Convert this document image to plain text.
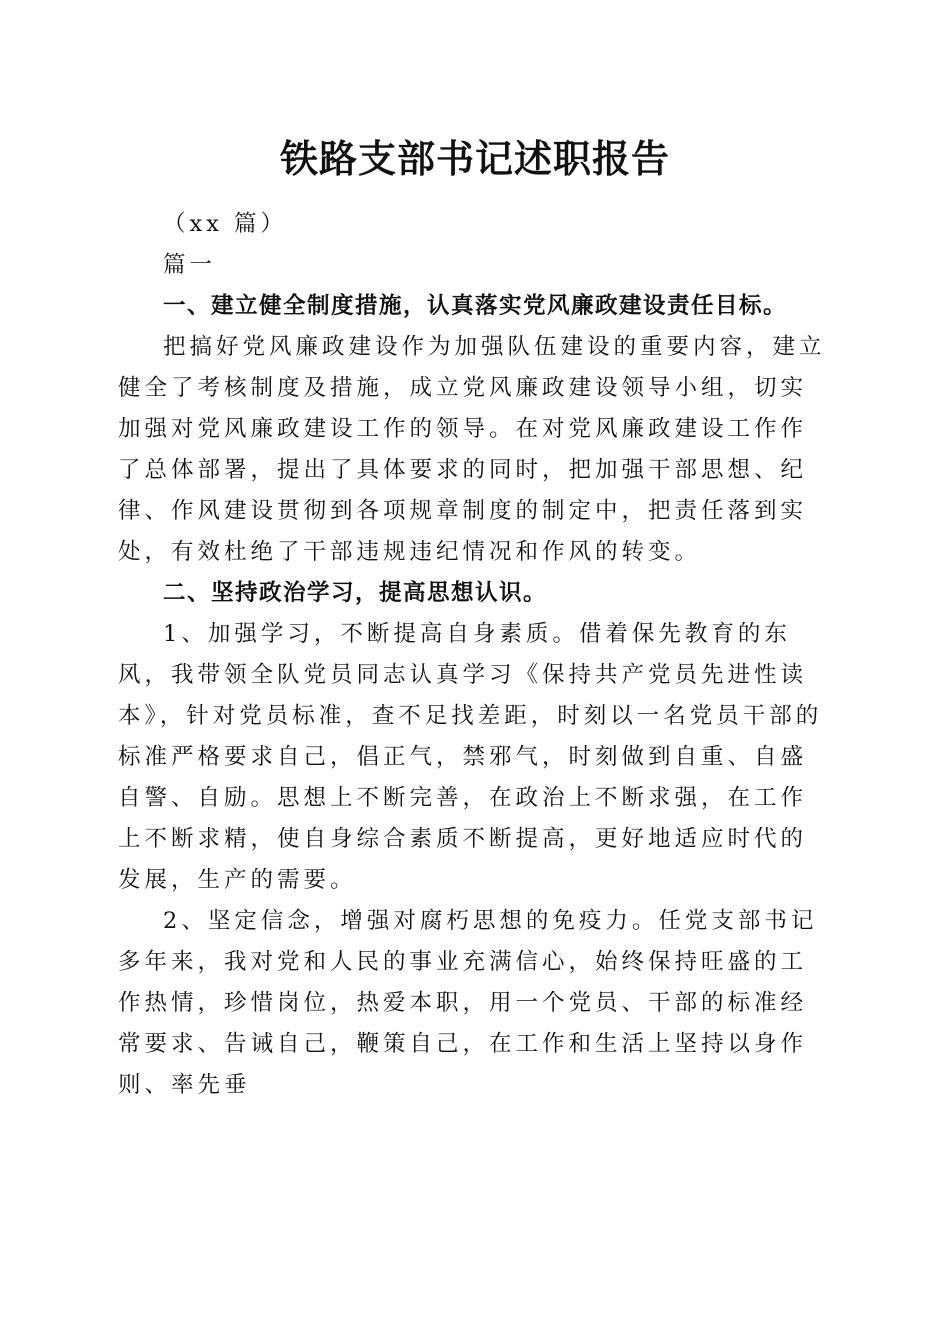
铁路支部书记述职报告

（xx 篇）

篇一

一、建立健全制度措施，认真落实党风廉政建设责任目标。

把搞好党风廉政建设作为加强队伍建设的重要内容，建立健全了考核制度及措施，成立党风廉政建设领导小组，切实加强对党风廉政建设工作的领导。在对党风廉政建设工作作了总体部署，提出了具体要求的同时，把加强干部思想、纪律、作风建设贯彻到各项规章制度的制定中，把责任落到实处，有效杜绝了干部违规违纪情况和作风的转变。

二、坚持政治学习，提高思想认识。

1、加强学习，不断提高自身素质。借着保先教育的东风，我带领全队党员同志认真学习《保持共产党员先进性读本》，针对党员标准，查不足找差距，时刻以一名党员干部的标准严格要求自己，倡正气，禁邪气，时刻做到自重、自盛自警、自励。思想上不断完善，在政治上不断求强，在工作上不断求精，使自身综合素质不断提高，更好地适应时代的发展，生产的需要。

2、坚定信念，增强对腐朽思想的免疫力。任党支部书记多年来，我对党和人民的事业充满信心，始终保持旺盛的工作热情，珍惜岗位，热爱本职，用一个党员、干部的标准经常要求、告诫自己，鞭策自己，在工作和生活上坚持以身作则、率先垂
